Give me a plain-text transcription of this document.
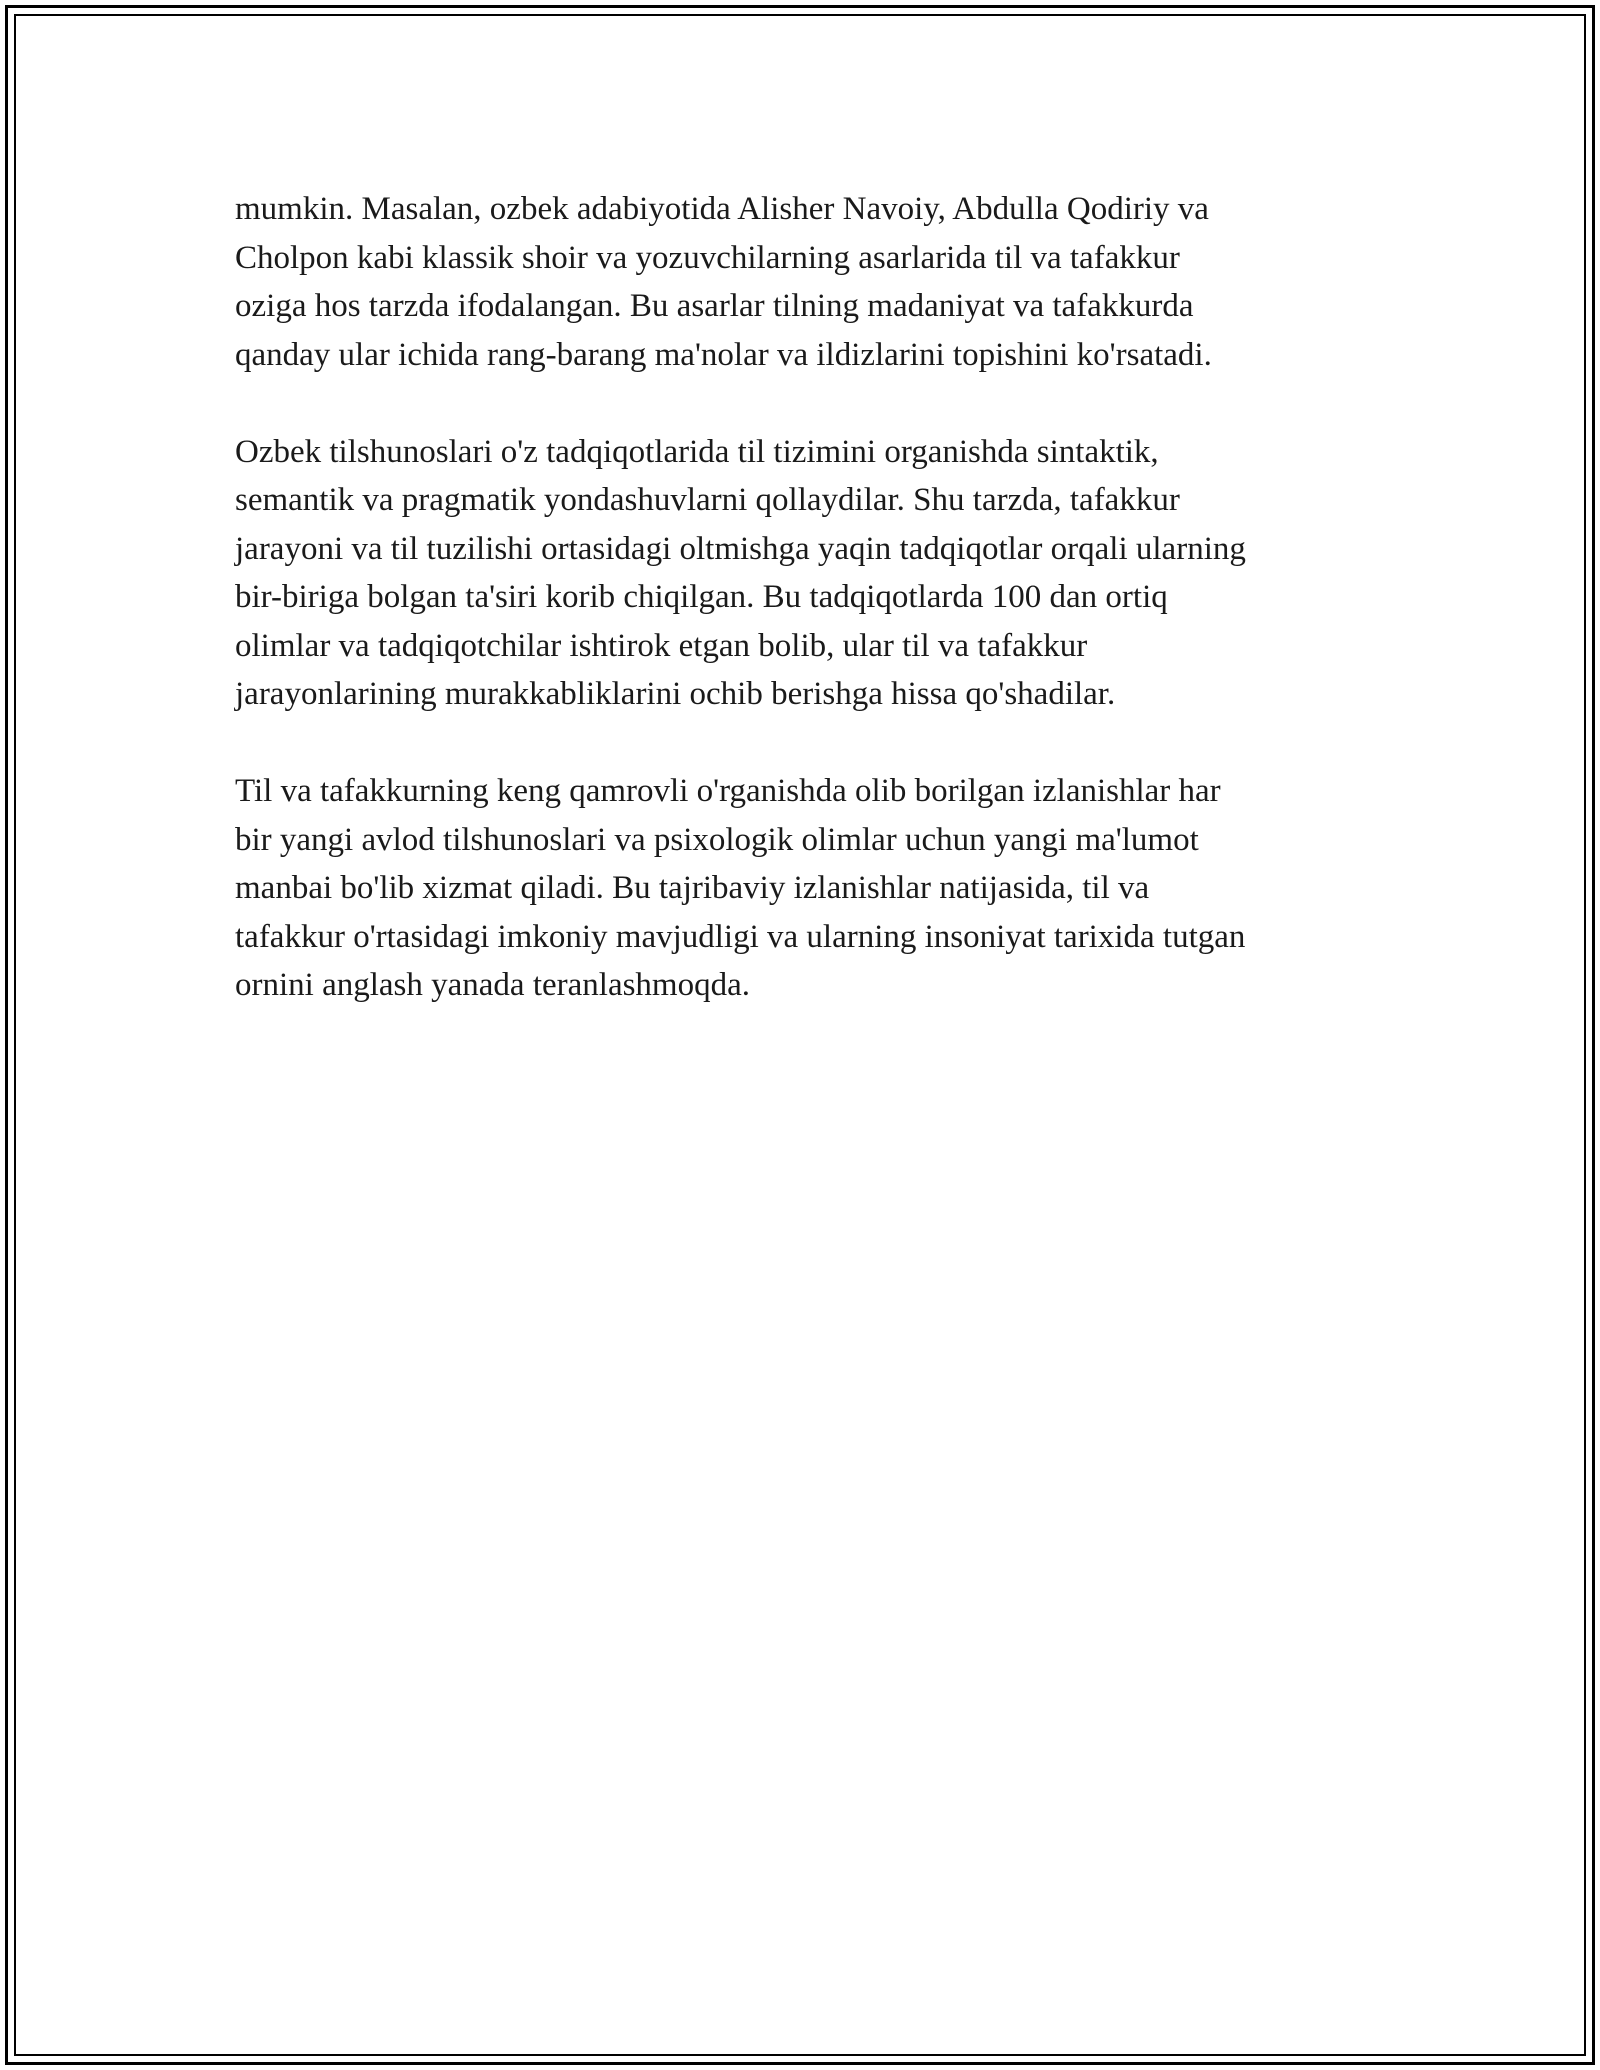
mumkin. Masalan, ozbek adabiyotida Alisher Navoiy, Abdulla Qodiriy va
Cholpon kabi klassik shoir va yozuvchilarning asarlarida til va tafakkur
oziga hos tarzda ifodalangan. Bu asarlar tilning madaniyat va tafakkurda
qanday ular ichida rang-barang ma'nolar va ildizlarini topishini ko'rsatadi.

Ozbek tilshunoslari o'z tadqiqotlarida til tizimini organishda sintaktik,
semantik va pragmatik yondashuvlarni qollaydilar. Shu tarzda, tafakkur
jarayoni va til tuzilishi ortasidagi oltmishga yaqin tadqiqotlar orqali ularning
bir-biriga bolgan ta'siri korib chiqilgan. Bu tadqiqotlarda 100 dan ortiq
olimlar va tadqiqotchilar ishtirok etgan bolib, ular til va tafakkur
jarayonlarining murakkabliklarini ochib berishga hissa qo'shadilar.

Til va tafakkurning keng qamrovli o'rganishda olib borilgan izlanishlar har
bir yangi avlod tilshunoslari va psixologik olimlar uchun yangi ma'lumot
manbai bo'lib xizmat qiladi. Bu tajribaviy izlanishlar natijasida, til va
tafakkur o'rtasidagi imkoniy mavjudligi va ularning insoniyat tarixida tutgan
ornini anglash yanada teranlashmoqda.
